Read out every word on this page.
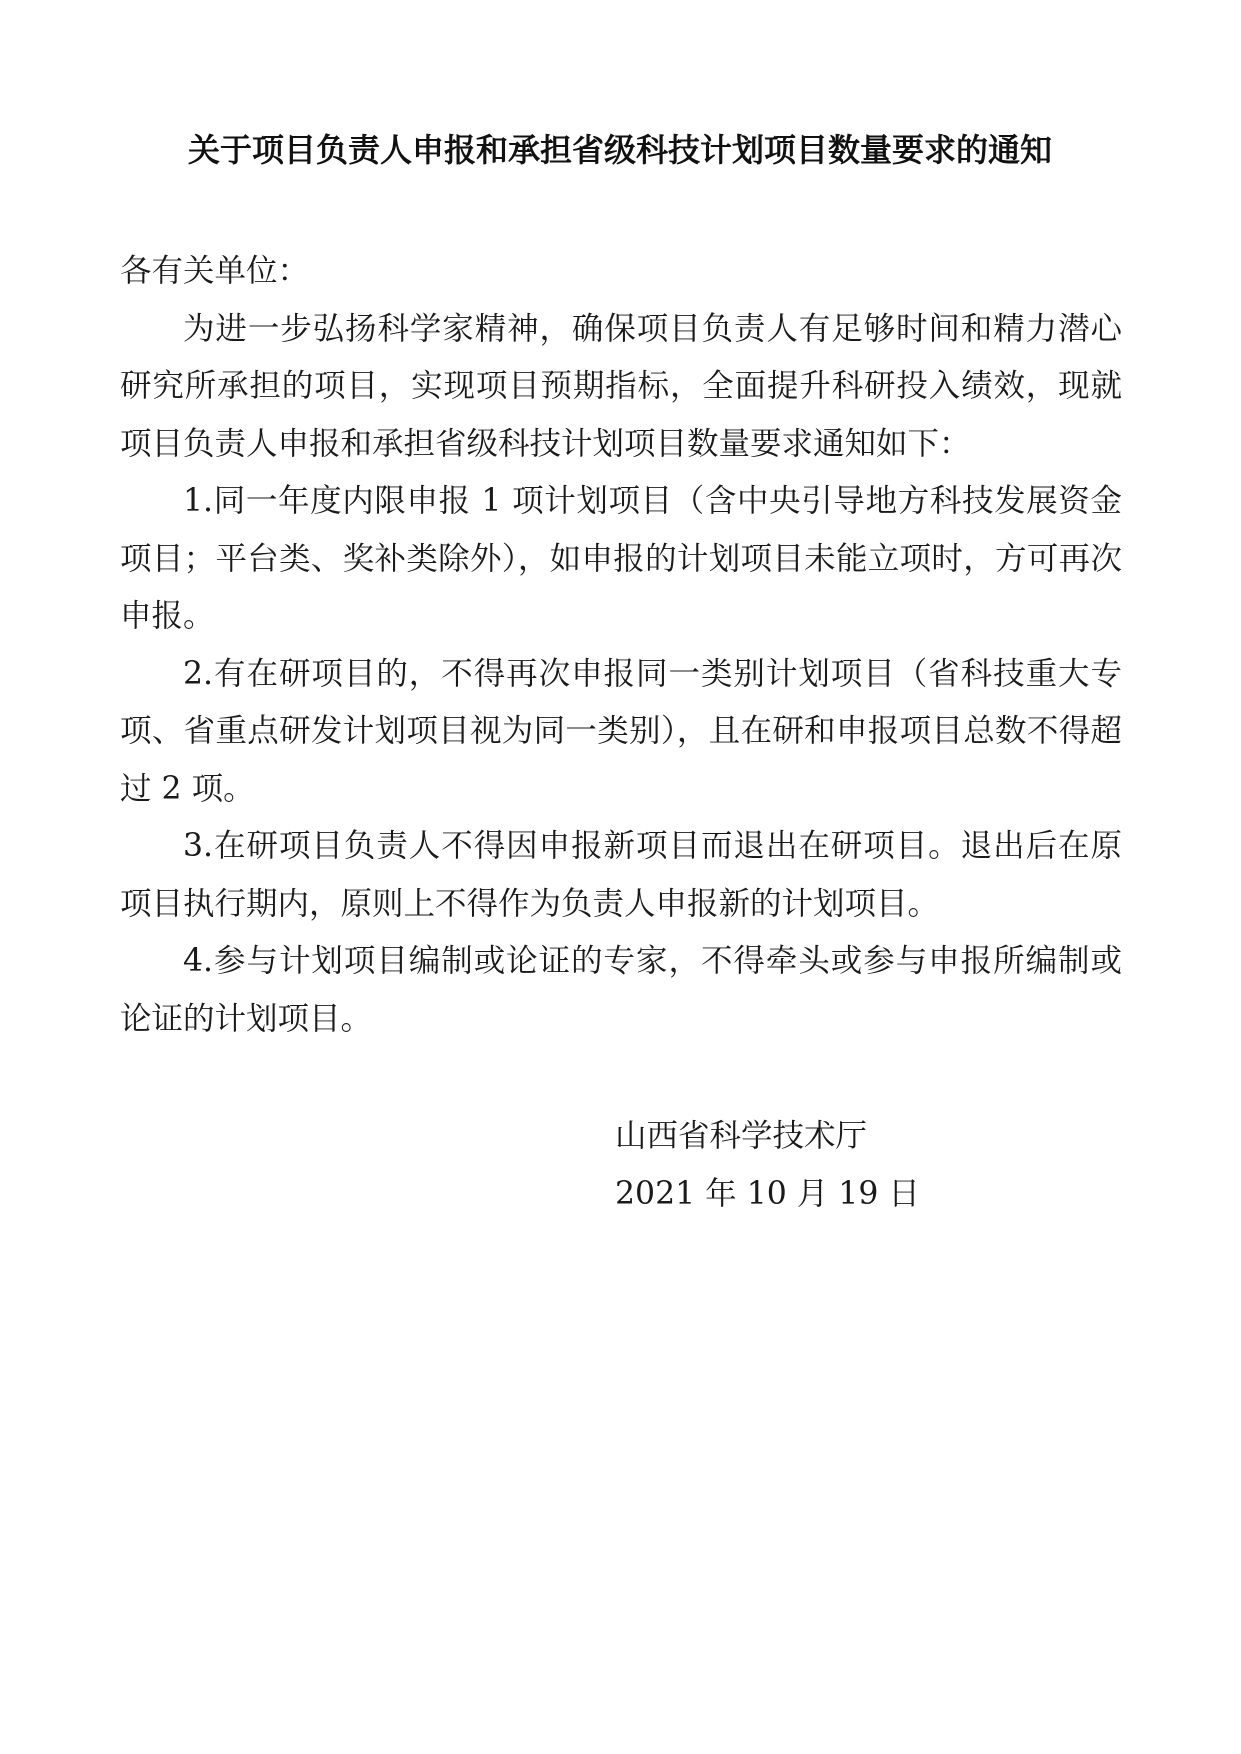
关于项目负责人申报和承担省级科技计划项目数量要求的通知

各有关单位：

为进一步弘扬科学家精神，确保项目负责人有足够时间和精力潜心研究所承担的项目，实现项目预期指标，全面提升科研投入绩效，现就项目负责人申报和承担省级科技计划项目数量要求通知如下：

1.同一年度内限申报 1 项计划项目（含中央引导地方科技发展资金项目；平台类、奖补类除外），如申报的计划项目未能立项时，方可再次申报。

2.有在研项目的，不得再次申报同一类别计划项目（省科技重大专项、省重点研发计划项目视为同一类别），且在研和申报项目总数不得超过 2 项。

3.在研项目负责人不得因申报新项目而退出在研项目。退出后在原项目执行期内，原则上不得作为负责人申报新的计划项目。

4.参与计划项目编制或论证的专家，不得牵头或参与申报所编制或论证的计划项目。

山西省科学技术厅
2021 年 10 月 19 日
